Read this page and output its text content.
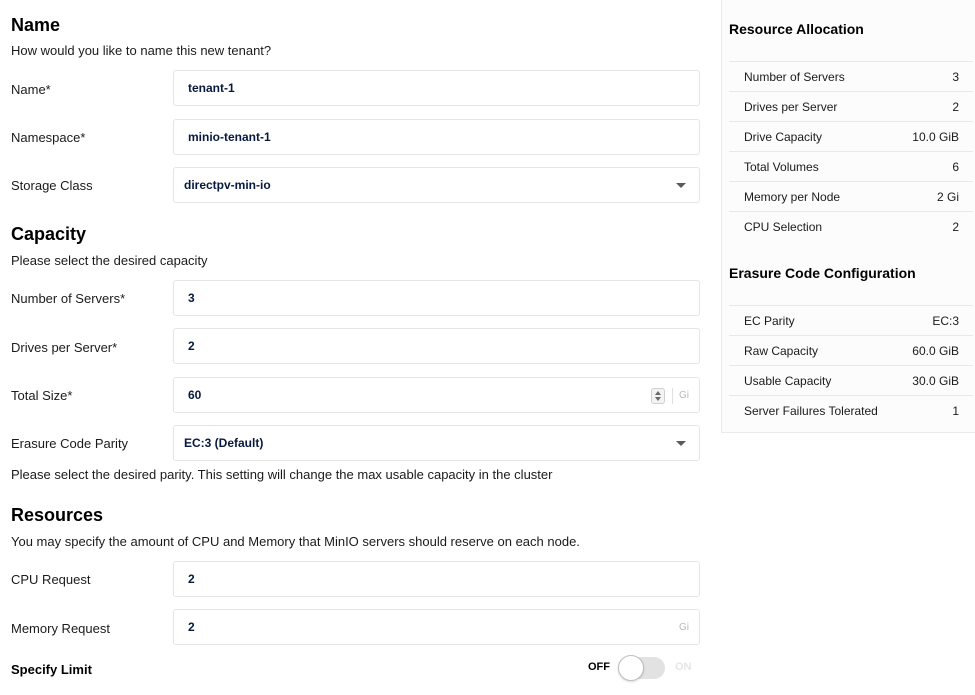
Name
How would you like to name this new tenant?
Name*	tenant-1
Namespace*	minio-tenant-1
Storage Class	directpv-min-io
Capacity
Please select the desired capacity
Number of Servers*	3
Drives per Server*	2
Total Size*	60	Gi
Erasure Code Parity	EC:3 (Default)
Please select the desired parity. This setting will change the max usable capacity in the cluster
Resources
You may specify the amount of CPU and Memory that MinIO servers should reserve on each node.
CPU Request	2
Memory Request	2	Gi
Specify Limit	OFF	ON
Resource Allocation
Number of Servers	3
Drives per Server	2
Drive Capacity	10.0 GiB
Total Volumes	6
Memory per Node	2 Gi
CPU Selection	2
Erasure Code Configuration
EC Parity	EC:3
Raw Capacity	60.0 GiB
Usable Capacity	30.0 GiB
Server Failures Tolerated	1
